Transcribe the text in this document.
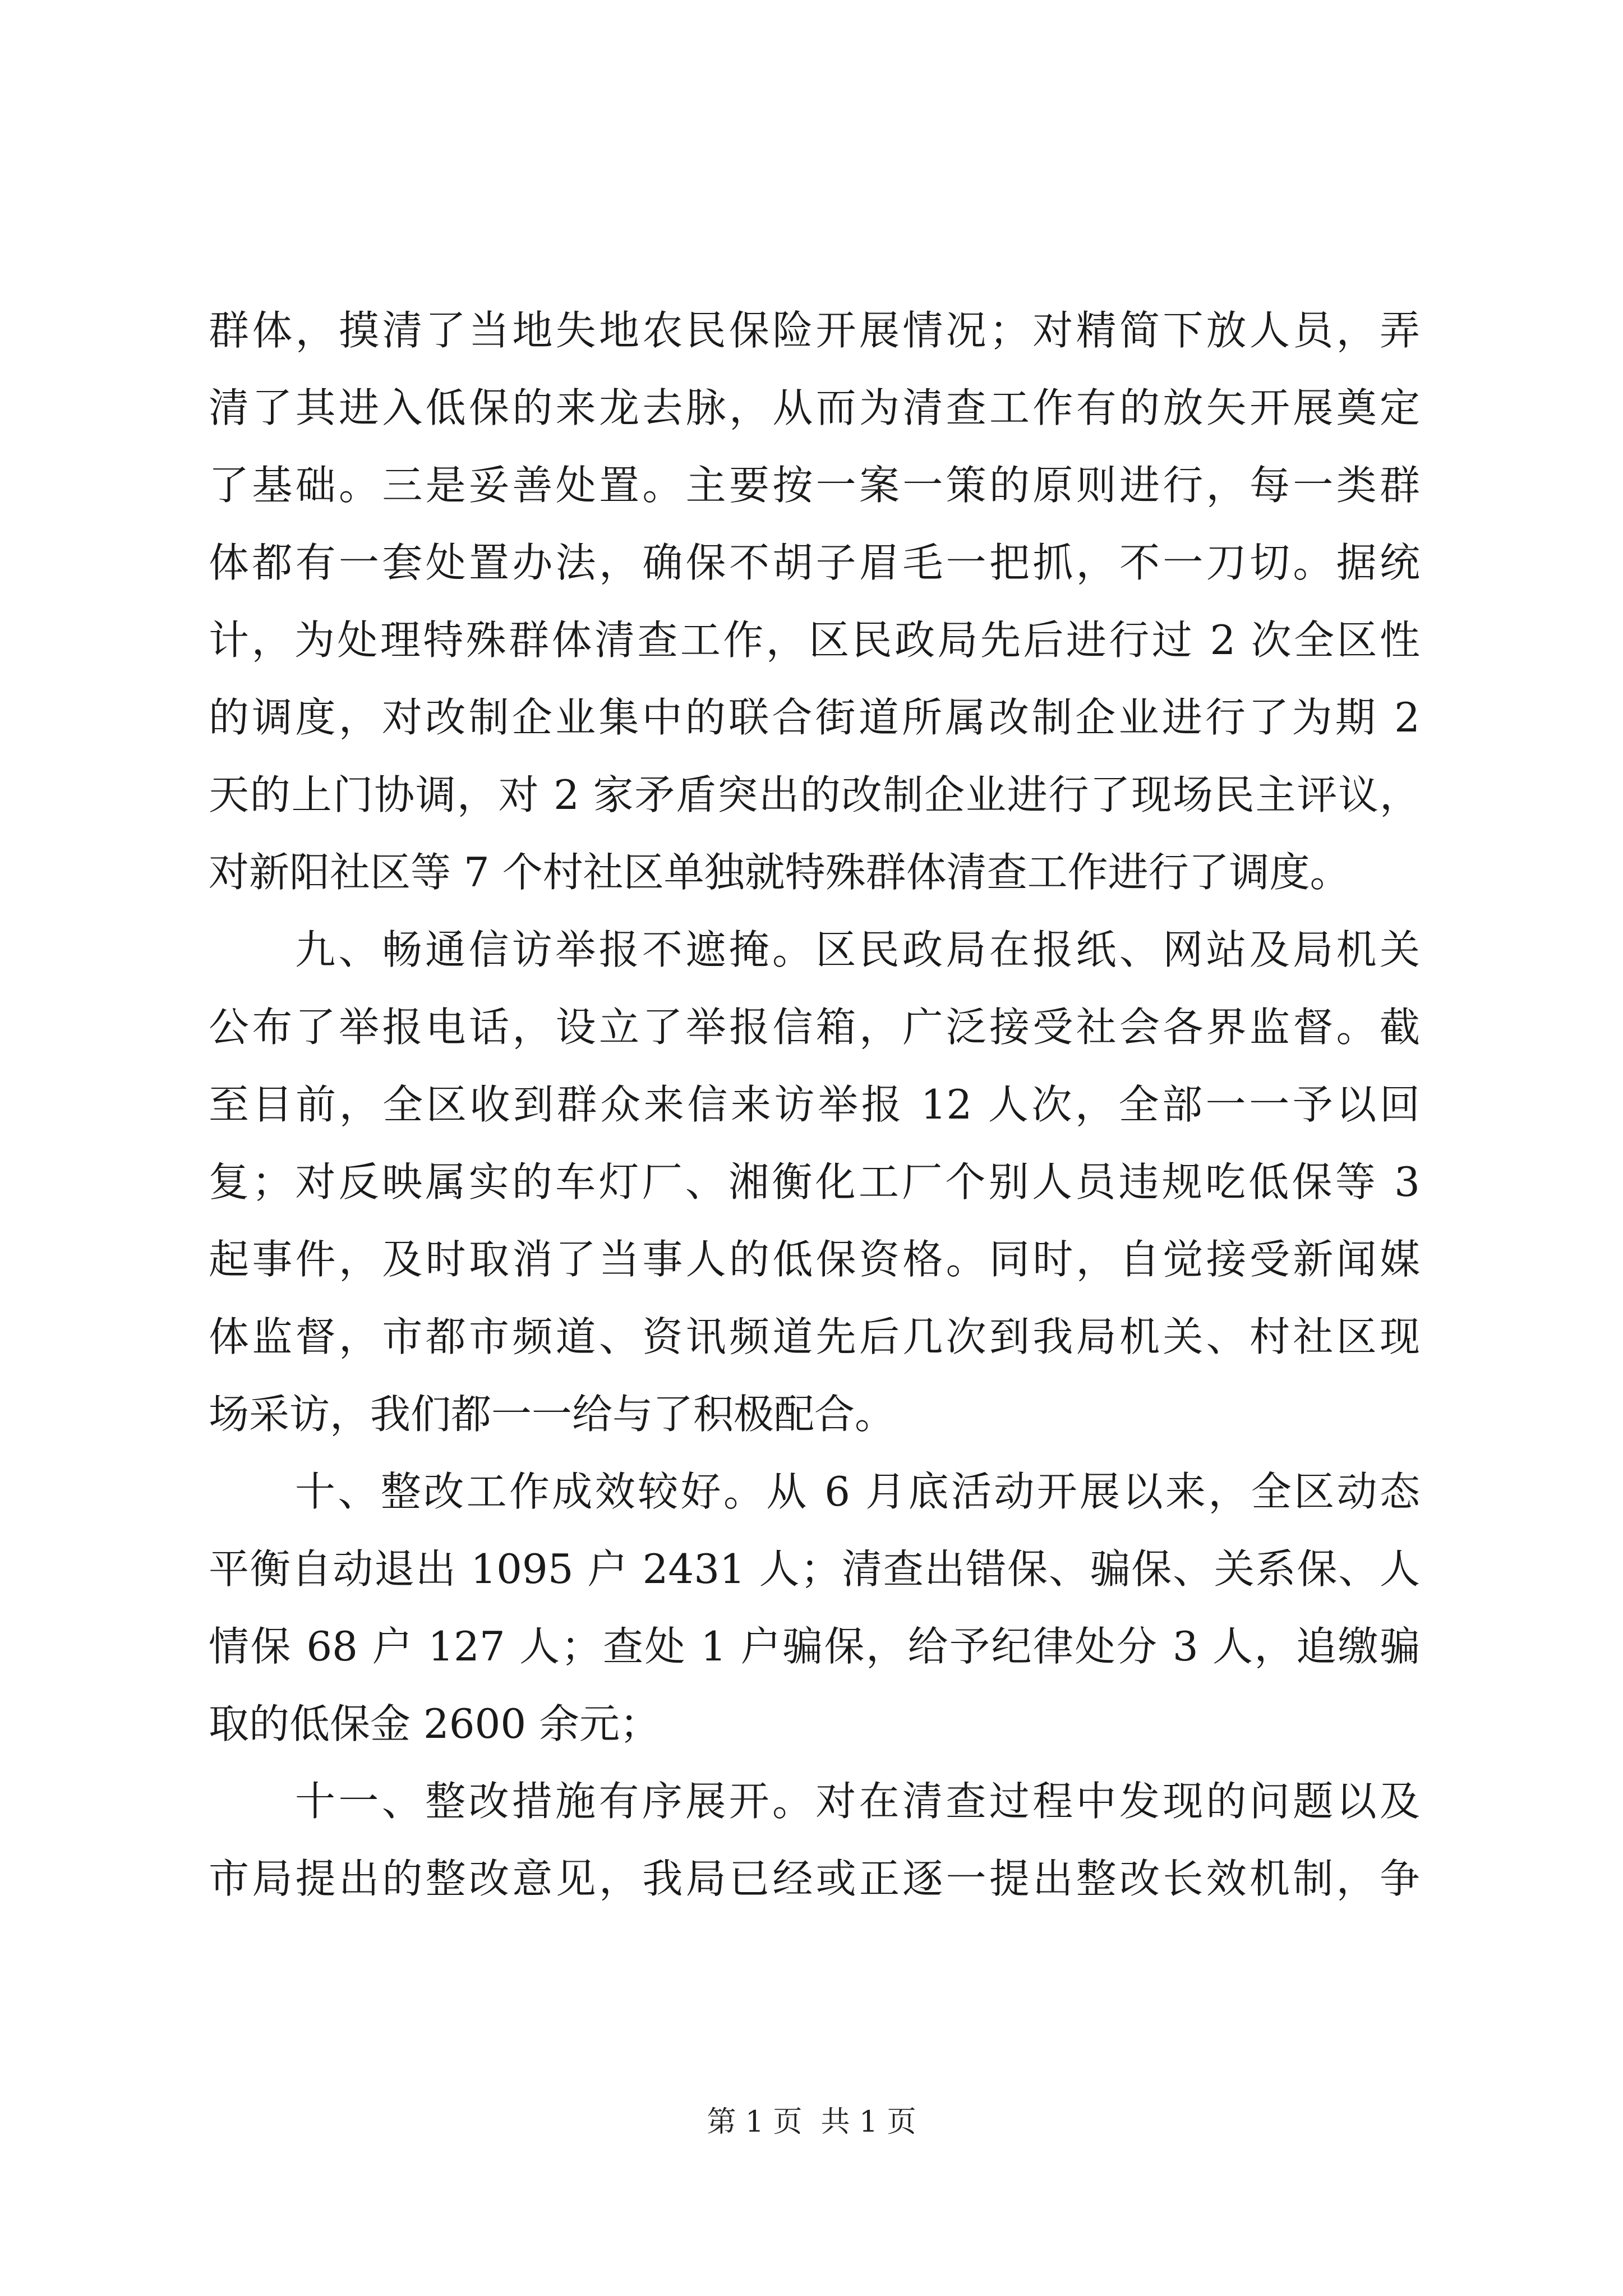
群体，摸清了当地失地农民保险开展情况；对精简下放人员，弄
清了其进入低保的来龙去脉，从而为清查工作有的放矢开展奠定
了基础。三是妥善处置。主要按一案一策的原则进行，每一类群
体都有一套处置办法，确保不胡子眉毛一把抓，不一刀切。据统
计，为处理特殊群体清查工作，区民政局先后进行过 2 次全区性
的调度，对改制企业集中的联合街道所属改制企业进行了为期 2
天的上门协调，对 2 家矛盾突出的改制企业进行了现场民主评议，
对新阳社区等 7 个村社区单独就特殊群体清查工作进行了调度。
九、畅通信访举报不遮掩。区民政局在报纸、网站及局机关
公布了举报电话，设立了举报信箱，广泛接受社会各界监督。截
至目前，全区收到群众来信来访举报 12 人次，全部一一予以回
复；对反映属实的车灯厂、湘衡化工厂个别人员违规吃低保等 3
起事件，及时取消了当事人的低保资格。同时，自觉接受新闻媒
体监督，市都市频道、资讯频道先后几次到我局机关、村社区现
场采访，我们都一一给与了积极配合。
十、整改工作成效较好。从 6 月底活动开展以来，全区动态
平衡自动退出 1095 户 2431 人；清查出错保、骗保、关系保、人
情保 68 户 127 人；查处 1 户骗保，给予纪律处分 3 人，追缴骗
取的低保金 2600 余元；
十一、整改措施有序展开。对在清查过程中发现的问题以及
市局提出的整改意见，我局已经或正逐一提出整改长效机制，争
第 1 页  共 1 页
